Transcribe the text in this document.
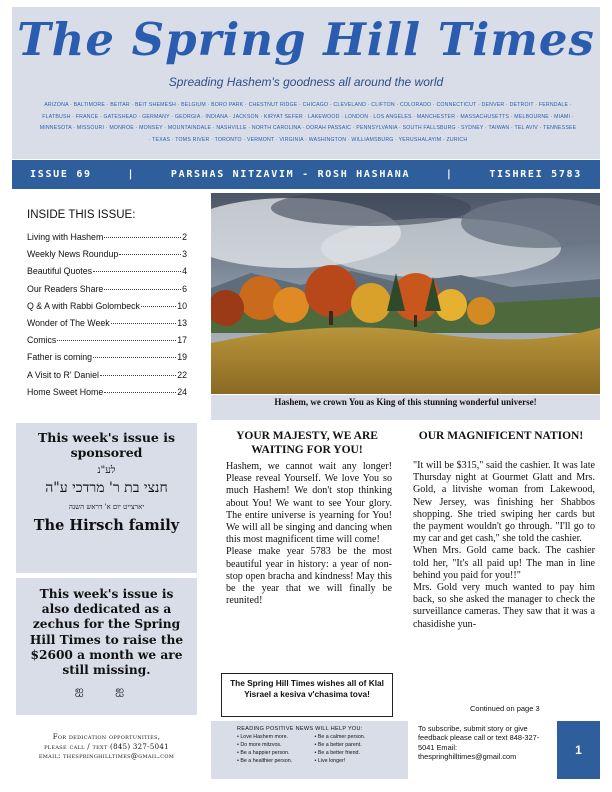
The Spring Hill Times
Spreading Hashem's goodness all around the world
ARIZONA · BALTIMORE · BEITAR · BEIT SHEMESH · BELGIUM · BORO PARK · CHESTNUT RIDGE · CHICAGO · CLEVELAND · CLIFTON · COLORADO · CONNECTICUT · DENVER · DETROIT · FERNDALE · FLATBUSH · FRANCE · GATESHEAD · GERMANY · GEORGIA · INDIANA · JACKSON · KIRYAT SEFER · LAKEWOOD · LONDON · LOS ANGELES · MANCHESTER · MASSACHUSETTS · MELBOURNE · MIAMI · MINNESOTA · MISSOURI · MONROE · MONSEY · MOUNTAINDALE · NASHVILLE · NORTH CAROLINA · OORAH PASSAIC · PENNSYLVANIA · SOUTH FALLSBURG · SYDNEY · TAIWAN · TEL AVIV · TENNESSEE · TEXAS · TOMS RIVER · TORONTO · VERMONT · VIRGINIA · WASHINGTON · WILLIAMSBURG · YERUSHALAYIM · ZURICH
ISSUE 69	|	PARSHAS NITZAVIM - ROSH HASHANA	|	TISHREI 5783
INSIDE THIS ISSUE:
Living with Hashem	2
Weekly News Roundup	3
Beautiful Quotes	4
Our Readers Share	6
Q & A with Rabbi Golombeck	10
Wonder of The Week	13
Comics	17
Father is coming	19
A Visit to R' Daniel	22
Home Sweet Home	24
Hashem, we crown You as King of this stunning wonderful universe!
This week's issue is sponsored
לע"נ
חנצי בת ר' מרדכי ע"ה
יארצייט יום א' דראש השנה
The Hirsch family
This week's issue is also dedicated as a zechus for the Spring Hill Times to raise the $2600 a month we are still missing.
ஐ ஐ
YOUR MAJESTY, WE ARE WAITING FOR YOU!

Hashem, we cannot wait any longer! Please reveal Yourself. We love You so much Hashem! We don't stop thinking about You! We want to see Your glory. The entire universe is yearning for You! We will all be singing and dancing when this most magnificent time will come!

Please make year 5783 be the most beautiful year in history: a year of non-stop open bracha and kindness! May this be the year that we will finally be reunited!

The Spring Hill Times wishes all of Klal Yisrael a kesiva v'chasima tova!
OUR MAGNIFICENT NATION!

"It will be $315," said the cashier. It was late Thursday night at Gourmet Glatt and Mrs. Gold, a litvishe woman from Lakewood, New Jersey, was finishing her Shabbos shopping. She tried swiping her cards but the payment wouldn't go through. "I'll go to my car and get cash," she told the cashier.

When Mrs. Gold came back. The cashier told her, "It's all paid up! The man in line behind you paid for you!!"

Mrs. Gold very much wanted to pay him back, so she asked the manager to check the surveillance cameras. They saw that it was a chasidishe yun-

Continued on page 3
For dedication opportunities,
please call / text (845) 327-5041
email: thespringhilltimes@gmail.com
READING POSITIVE NEWS WILL HELP YOU:
• Love Hashem more.	• Be a calmer person.
• Do more mitzvos.	• Be a better parent.
• Be a happier person.	• Be a better friend.
• Be a healthier person.	• Live longer!
To subscribe, submit story or give feedback please call or text 848-327-5041 Email: thespringhilltimes@gmail.com	1
